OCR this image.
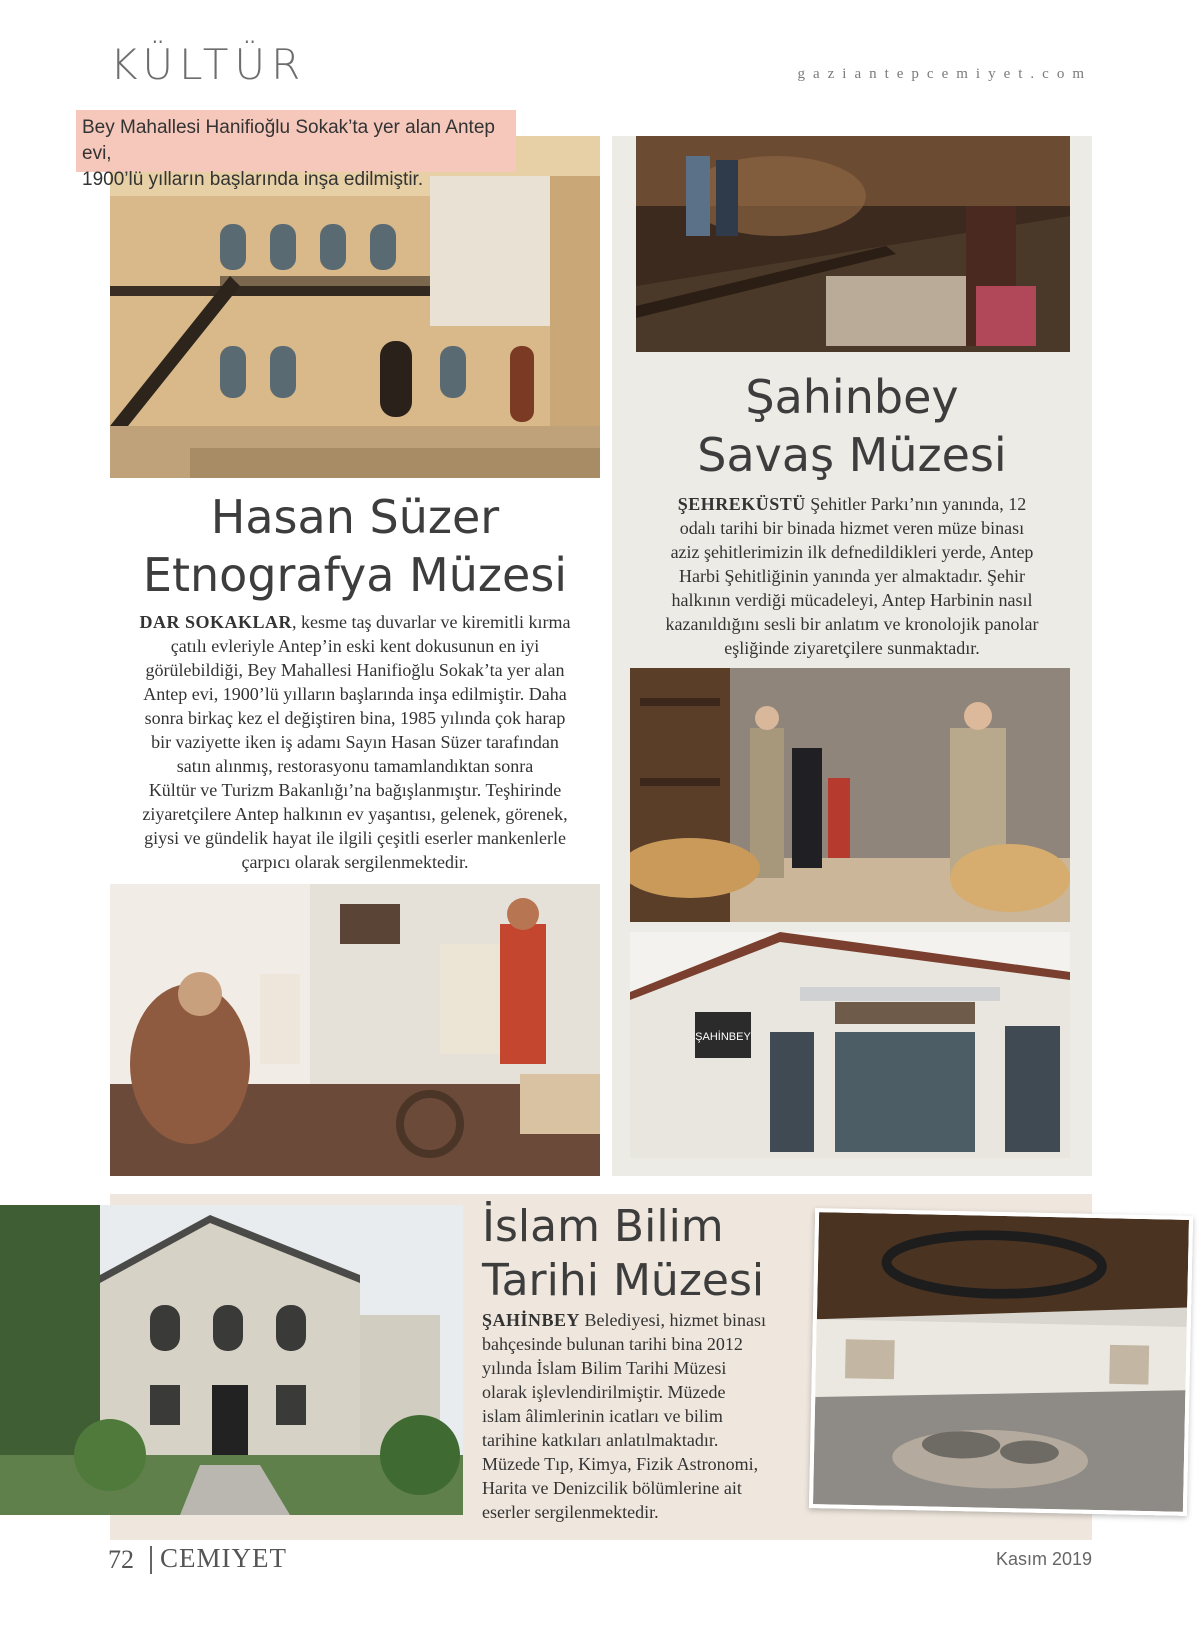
KÜLTÜR	gaziantepcemiyet.com
Bey Mahallesi Hanifioğlu Sokak’ta yer alan Antep evi,
1900’lü yılların başlarında inşa edilmiştir.
Şahinbey
Savaş Müzesi
ŞEHREKÜSTÜ Şehitler Parkı’nın yanında, 12
odalı tarihi bir binada hizmet veren müze binası
aziz şehitlerimizin ilk defnedildikleri yerde, Antep
Harbi Şehitliğinin yanında yer almaktadır. Şehir
halkının verdiği mücadeleyi, Antep Harbinin nasıl
kazanıldığını sesli bir anlatım ve kronolojik panolar
eşliğinde ziyaretçilere sunmaktadır.
Hasan Süzer
Etnografya Müzesi
DAR SOKAKLAR, kesme taş duvarlar ve kiremitli kırma
çatılı evleriyle Antep’in eski kent dokusunun en iyi
görülebildiği, Bey Mahallesi Hanifioğlu Sokak’ta yer alan
Antep evi, 1900’lü yılların başlarında inşa edilmiştir. Daha
sonra birkaç kez el değiştiren bina, 1985 yılında çok harap
bir vaziyette iken iş adamı Sayın Hasan Süzer tarafından
satın alınmış, restorasyonu tamamlandıktan sonra
Kültür ve Turizm Bakanlığı’na bağışlanmıştır. Teşhirinde
ziyaretçilere Antep halkının ev yaşantısı, gelenek, görenek,
giysi ve gündelik hayat ile ilgili çeşitli eserler mankenlerle
çarpıcı olarak sergilenmektedir.
ŞAHİNBEY
İslam Bilim
Tarihi Müzesi
ŞAHİNBEY Belediyesi, hizmet binası
bahçesinde bulunan tarihi bina 2012
yılında İslam Bilim Tarihi Müzesi
olarak işlevlendirilmiştir. Müzede
islam âlimlerinin icatları ve bilim
tarihine katkıları anlatılmaktadır.
Müzede Tıp, Kimya, Fizik Astronomi,
Harita ve Denizcilik bölümlerine ait
eserler sergilenmektedir.
72 CEMIYET	Kasım 2019
